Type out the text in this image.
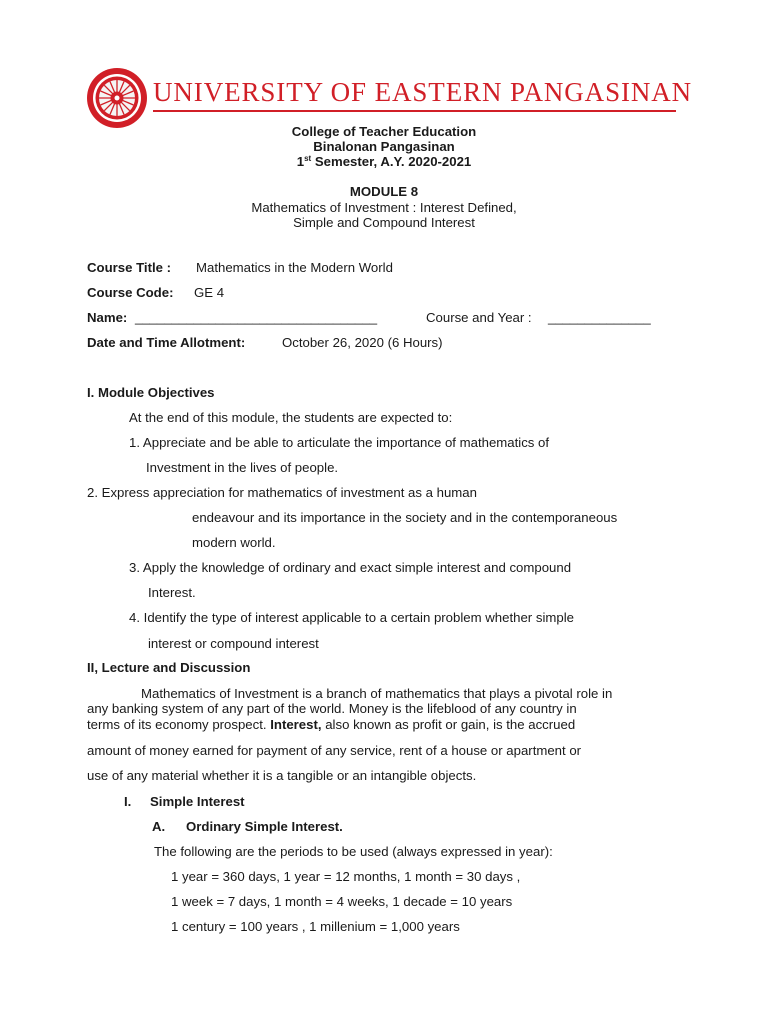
UNIVERSITY OF EASTERN PANGASINAN
College of Teacher Education
Binalonan Pangasinan
1st Semester, A.Y. 2020-2021
MODULE 8
Mathematics of Investment : Interest Defined,
Simple and Compound Interest
Course Title : Mathematics in the Modern World
Course Code: GE 4
Name: _________________________________	Course and Year : ______________
Date and Time Allotment:	October 26, 2020 (6 Hours)
I. Module Objectives
At the end of this module, the students are expected to:
1. Appreciate and be able to articulate the importance of mathematics of
Investment in the lives of people.
2. Express appreciation for mathematics of investment as a human
endeavour and its importance in the society and in the contemporaneous
modern world.
3. Apply the knowledge of ordinary and exact simple interest and compound
Interest.
4. Identify the type of interest applicable to a certain problem whether simple
interest or compound interest
II, Lecture and Discussion
Mathematics of Investment is a branch of mathematics that plays a pivotal role in
any banking system of any part of the world. Money is the lifeblood of any country in
terms of its economy prospect. Interest, also known as profit or gain, is the accrued
amount of money earned for payment of any service, rent of a house or apartment or
use of any material whether it is a tangible or an intangible objects.
I. Simple Interest
A. Ordinary Simple Interest.
The following are the periods to be used (always expressed in year):
1 year = 360 days, 1 year = 12 months, 1 month = 30 days ,
1 week = 7 days, 1 month = 4 weeks, 1 decade = 10 years
1 century = 100 years , 1 millenium = 1,000 years
